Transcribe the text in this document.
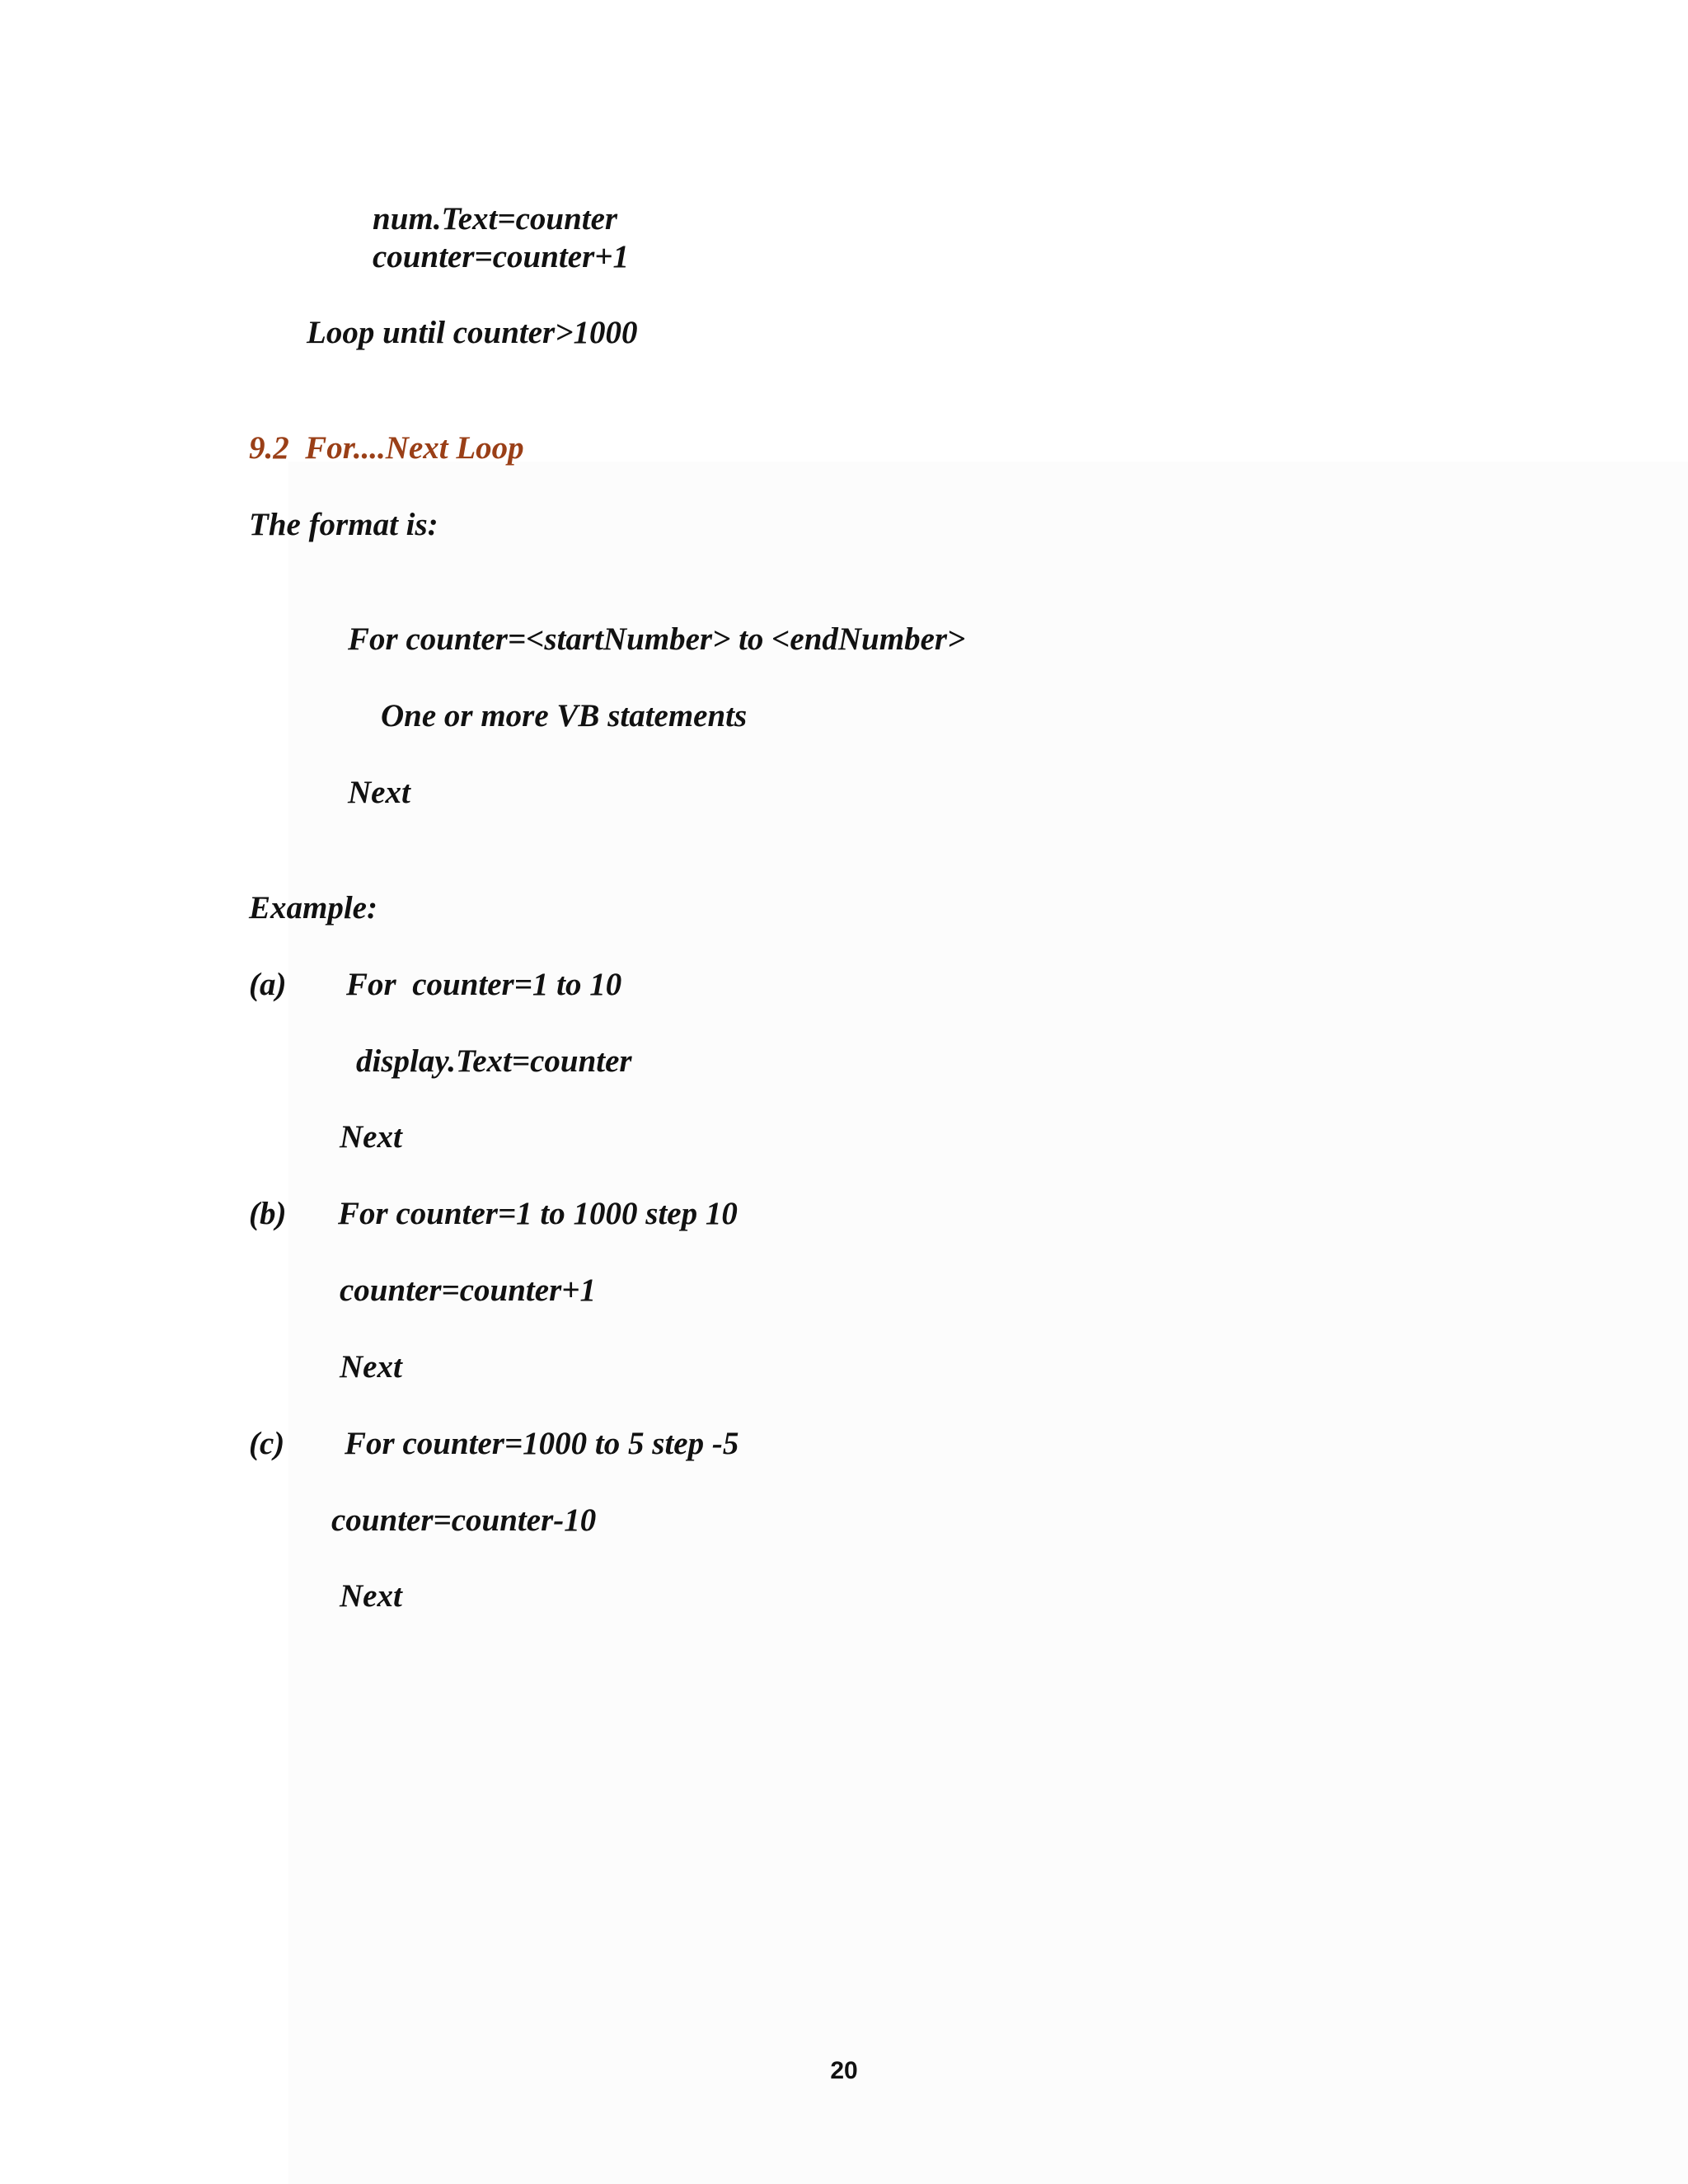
num.Text=counter

counter=counter+1

Loop until counter>1000

9.2  For....Next Loop

The format is:

For counter=<startNumber> to <endNumber>

One or more VB statements

Next

Example:

(a) For  counter=1 to 10

display.Text=counter

Next

(b) For counter=1 to 1000 step 10

counter=counter+1

Next

(c) For counter=1000 to 5 step -5

counter=counter-10

Next

20
